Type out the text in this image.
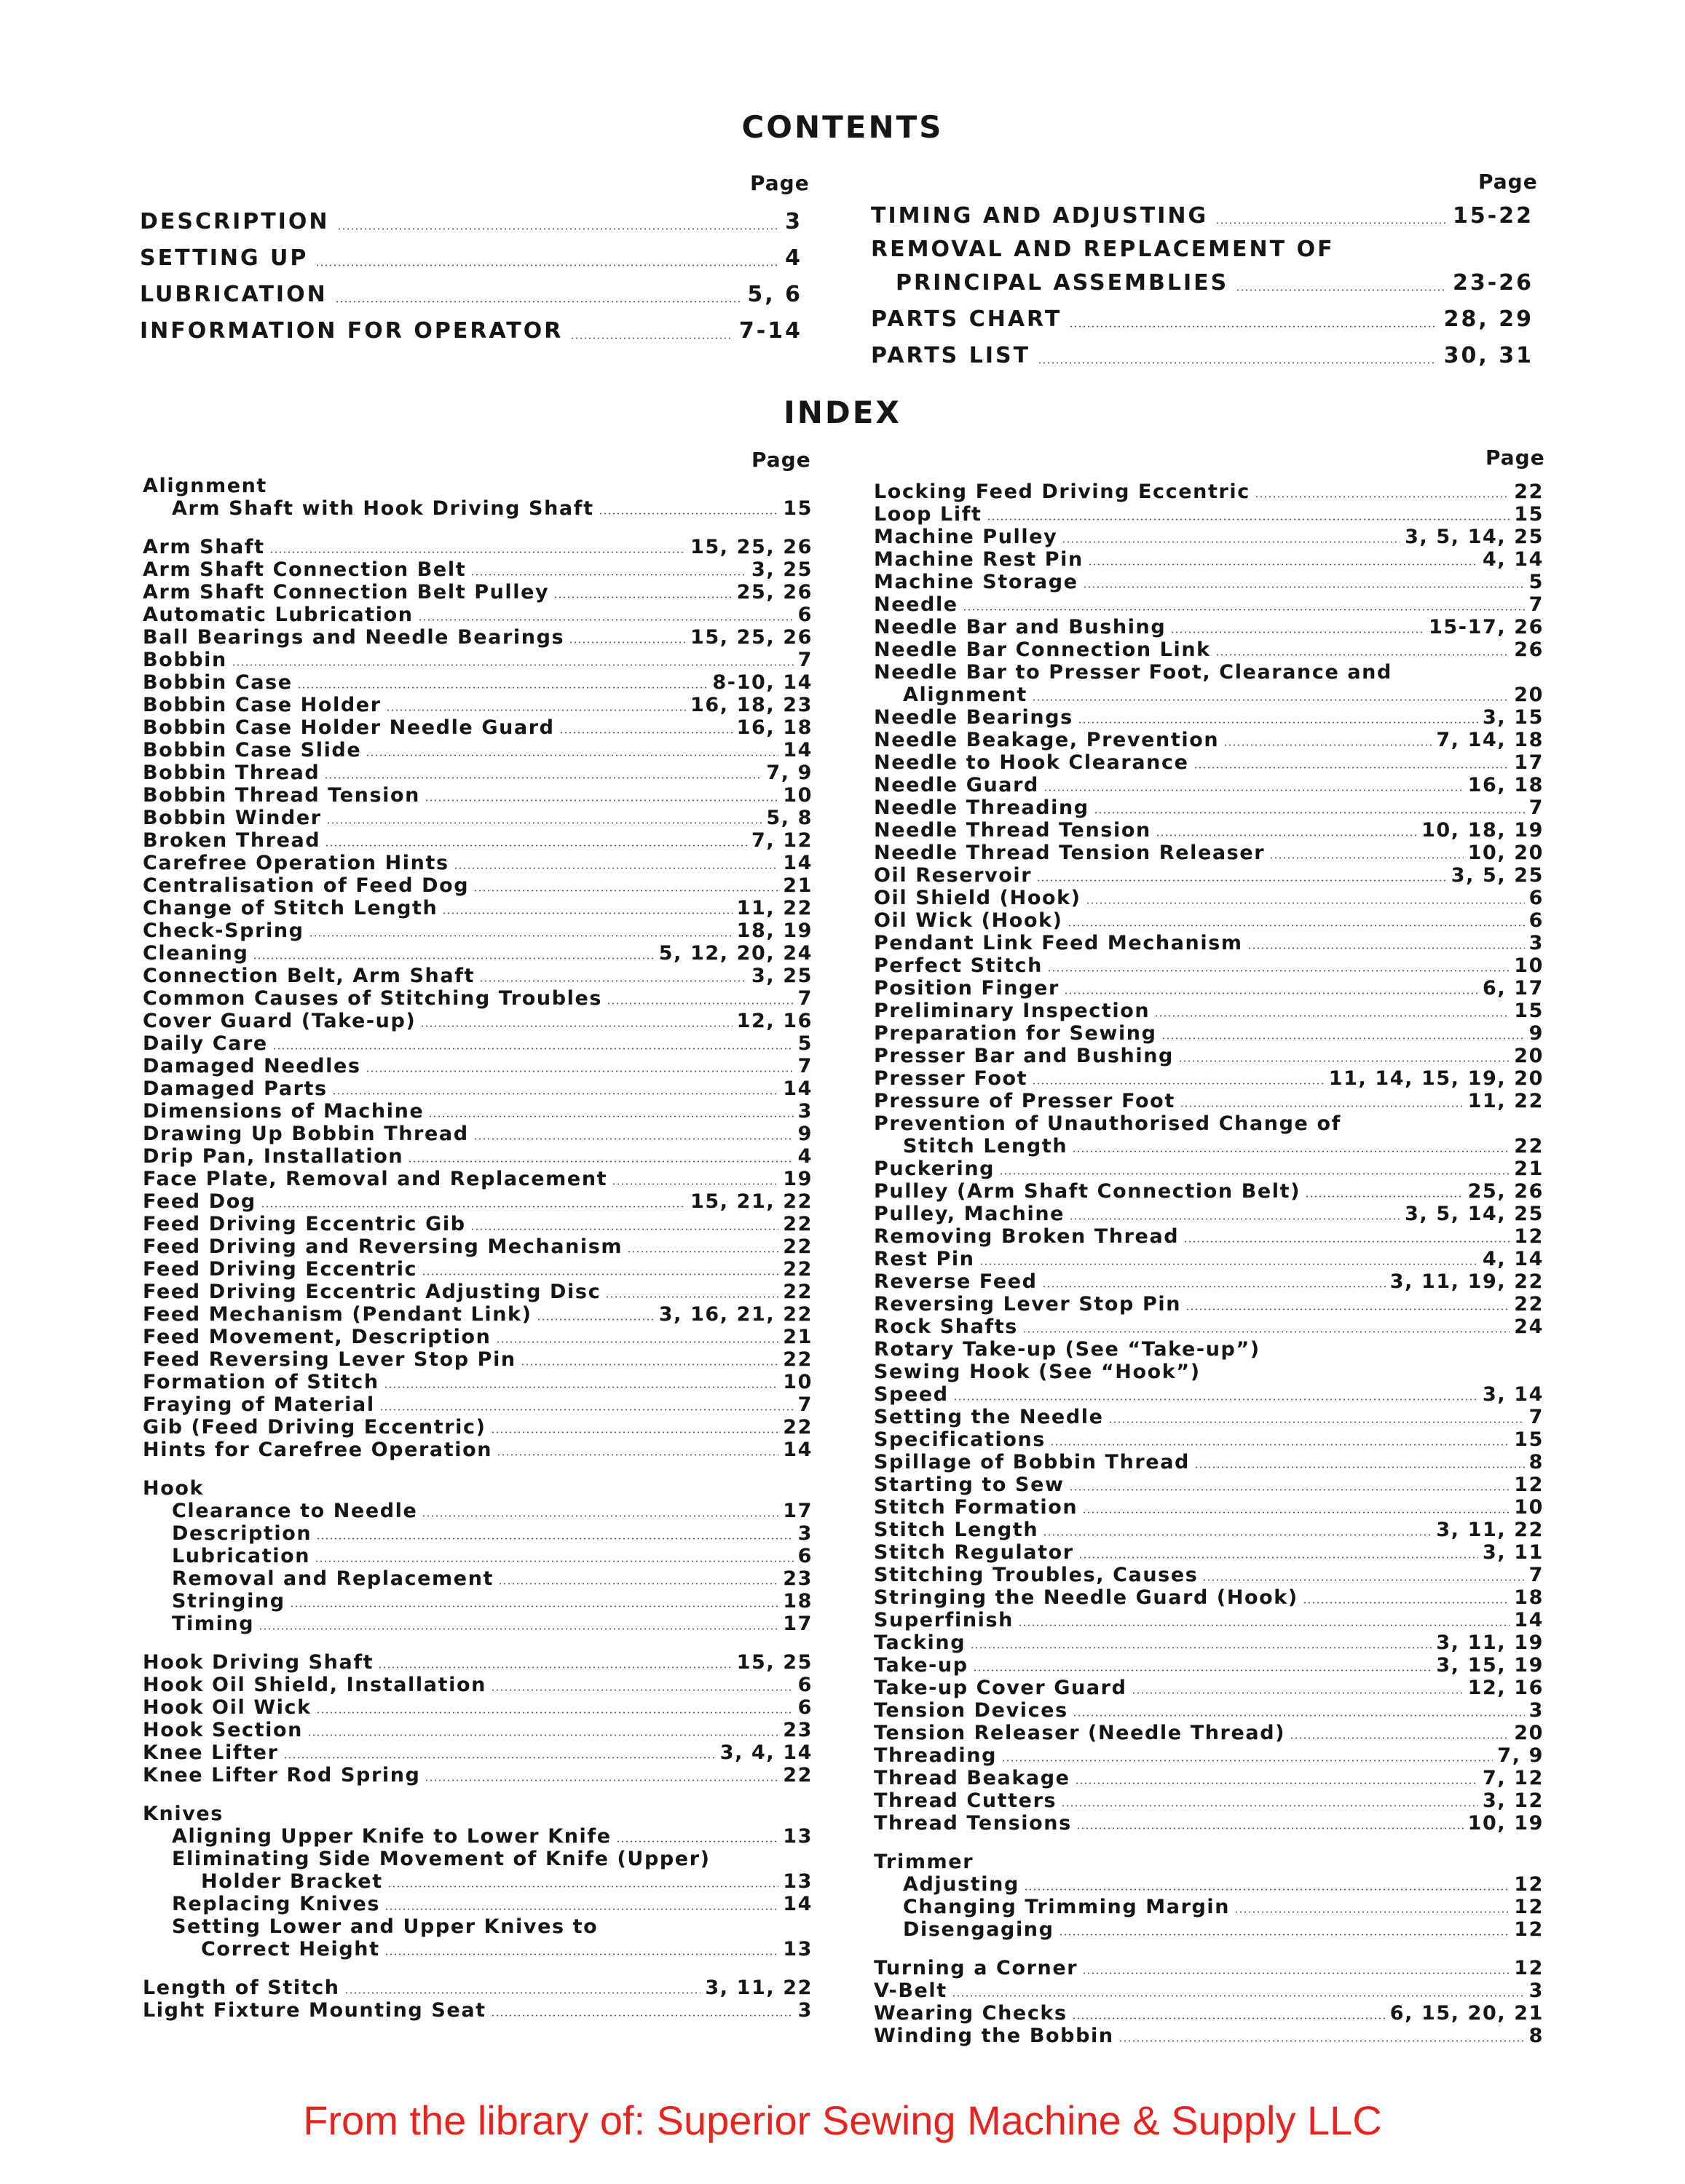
CONTENTS
Page	Page
DESCRIPTION	3
SETTING UP	4
LUBRICATION	5, 6
INFORMATION FOR OPERATOR	7-14
TIMING AND ADJUSTING	15-22
REMOVAL AND REPLACEMENT OF
PRINCIPAL ASSEMBLIES	23-26
PARTS CHART	28, 29
PARTS LIST	30, 31
INDEX
Page	Page
Alignment
Arm Shaft with Hook Driving Shaft	15
Arm Shaft	15, 25, 26
Arm Shaft Connection Belt	3, 25
Arm Shaft Connection Belt Pulley	25, 26
Automatic Lubrication	6
Ball Bearings and Needle Bearings	15, 25, 26
Bobbin	7
Bobbin Case	8-10, 14
Bobbin Case Holder	16, 18, 23
Bobbin Case Holder Needle Guard	16, 18
Bobbin Case Slide	14
Bobbin Thread	7, 9
Bobbin Thread Tension	10
Bobbin Winder	5, 8
Broken Thread	7, 12
Carefree Operation Hints	14
Centralisation of Feed Dog	21
Change of Stitch Length	11, 22
Check-Spring	18, 19
Cleaning	5, 12, 20, 24
Connection Belt, Arm Shaft	3, 25
Common Causes of Stitching Troubles	7
Cover Guard (Take-up)	12, 16
Daily Care	5
Damaged Needles	7
Damaged Parts	14
Dimensions of Machine	3
Drawing Up Bobbin Thread	9
Drip Pan, Installation	4
Face Plate, Removal and Replacement	19
Feed Dog	15, 21, 22
Feed Driving Eccentric Gib	22
Feed Driving and Reversing Mechanism	22
Feed Driving Eccentric	22
Feed Driving Eccentric Adjusting Disc	22
Feed Mechanism (Pendant Link)	3, 16, 21, 22
Feed Movement, Description	21
Feed Reversing Lever Stop Pin	22
Formation of Stitch	10
Fraying of Material	7
Gib (Feed Driving Eccentric)	22
Hints for Carefree Operation	14
Hook
Clearance to Needle	17
Description	3
Lubrication	6
Removal and Replacement	23
Stringing	18
Timing	17
Hook Driving Shaft	15, 25
Hook Oil Shield, Installation	6
Hook Oil Wick	6
Hook Section	23
Knee Lifter	3, 4, 14
Knee Lifter Rod Spring	22
Knives
Aligning Upper Knife to Lower Knife	13
Eliminating Side Movement of Knife (Upper)
Holder Bracket	13
Replacing Knives	14
Setting Lower and Upper Knives to
Correct Height	13
Length of Stitch	3, 11, 22
Light Fixture Mounting Seat	3
Locking Feed Driving Eccentric	22
Loop Lift	15
Machine Pulley	3, 5, 14, 25
Machine Rest Pin	4, 14
Machine Storage	5
Needle	7
Needle Bar and Bushing	15-17, 26
Needle Bar Connection Link	26
Needle Bar to Presser Foot, Clearance and
Alignment	20
Needle Bearings	3, 15
Needle Beakage, Prevention	7, 14, 18
Needle to Hook Clearance	17
Needle Guard	16, 18
Needle Threading	7
Needle Thread Tension	10, 18, 19
Needle Thread Tension Releaser	10, 20
Oil Reservoir	3, 5, 25
Oil Shield (Hook)	6
Oil Wick (Hook)	6
Pendant Link Feed Mechanism	3
Perfect Stitch	10
Position Finger	6, 17
Preliminary Inspection	15
Preparation for Sewing	9
Presser Bar and Bushing	20
Presser Foot	11, 14, 15, 19, 20
Pressure of Presser Foot	11, 22
Prevention of Unauthorised Change of
Stitch Length	22
Puckering	21
Pulley (Arm Shaft Connection Belt)	25, 26
Pulley, Machine	3, 5, 14, 25
Removing Broken Thread	12
Rest Pin	4, 14
Reverse Feed	3, 11, 19, 22
Reversing Lever Stop Pin	22
Rock Shafts	24
Rotary Take-up (See “Take-up”)
Sewing Hook (See “Hook”)
Speed	3, 14
Setting the Needle	7
Specifications	15
Spillage of Bobbin Thread	8
Starting to Sew	12
Stitch Formation	10
Stitch Length	3, 11, 22
Stitch Regulator	3, 11
Stitching Troubles, Causes	7
Stringing the Needle Guard (Hook)	18
Superfinish	14
Tacking	3, 11, 19
Take-up	3, 15, 19
Take-up Cover Guard	12, 16
Tension Devices	3
Tension Releaser (Needle Thread)	20
Threading	7, 9
Thread Beakage	7, 12
Thread Cutters	3, 12
Thread Tensions	10, 19
Trimmer
Adjusting	12
Changing Trimming Margin	12
Disengaging	12
Turning a Corner	12
V-Belt	3
Wearing Checks	6, 15, 20, 21
Winding the Bobbin	8
From the library of: Superior Sewing Machine & Supply LLC
